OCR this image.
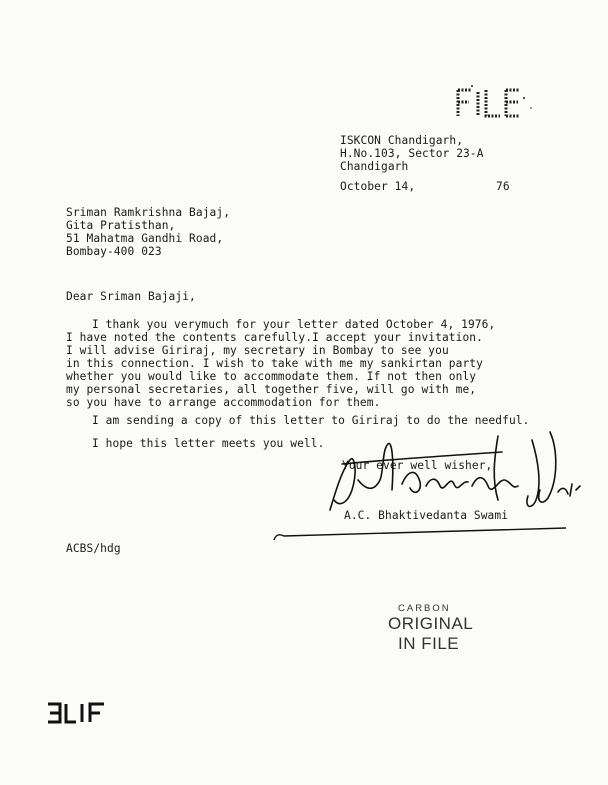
ISKCON Chandigarh,
H.No.103, Sector 23-A
Chandigarh
October 14,	76
Sriman Ramkrishna Bajaj,
Gita Pratisthan,
51 Mahatma Gandhi Road,
Bombay-400 023
Dear Sriman Bajaji,
I thank you verymuch for your letter dated October 4, 1976,
I have noted the contents carefully.I accept your invitation.
I will advise Giriraj, my secretary in Bombay to see you
in this connection. I wish to take with me my sankirtan party
whether you would like to accommodate them. If not then only
my personal secretaries, all together five, will go with me,
so you have to arrange accommodation for them.
I am sending a copy of this letter to Giriraj to do the needful.
I hope this letter meets you well.
Your ever well wisher,
A.C. Bhaktivedanta Swami
ACBS/hdg
CARBON
ORIGINAL
IN FILE
